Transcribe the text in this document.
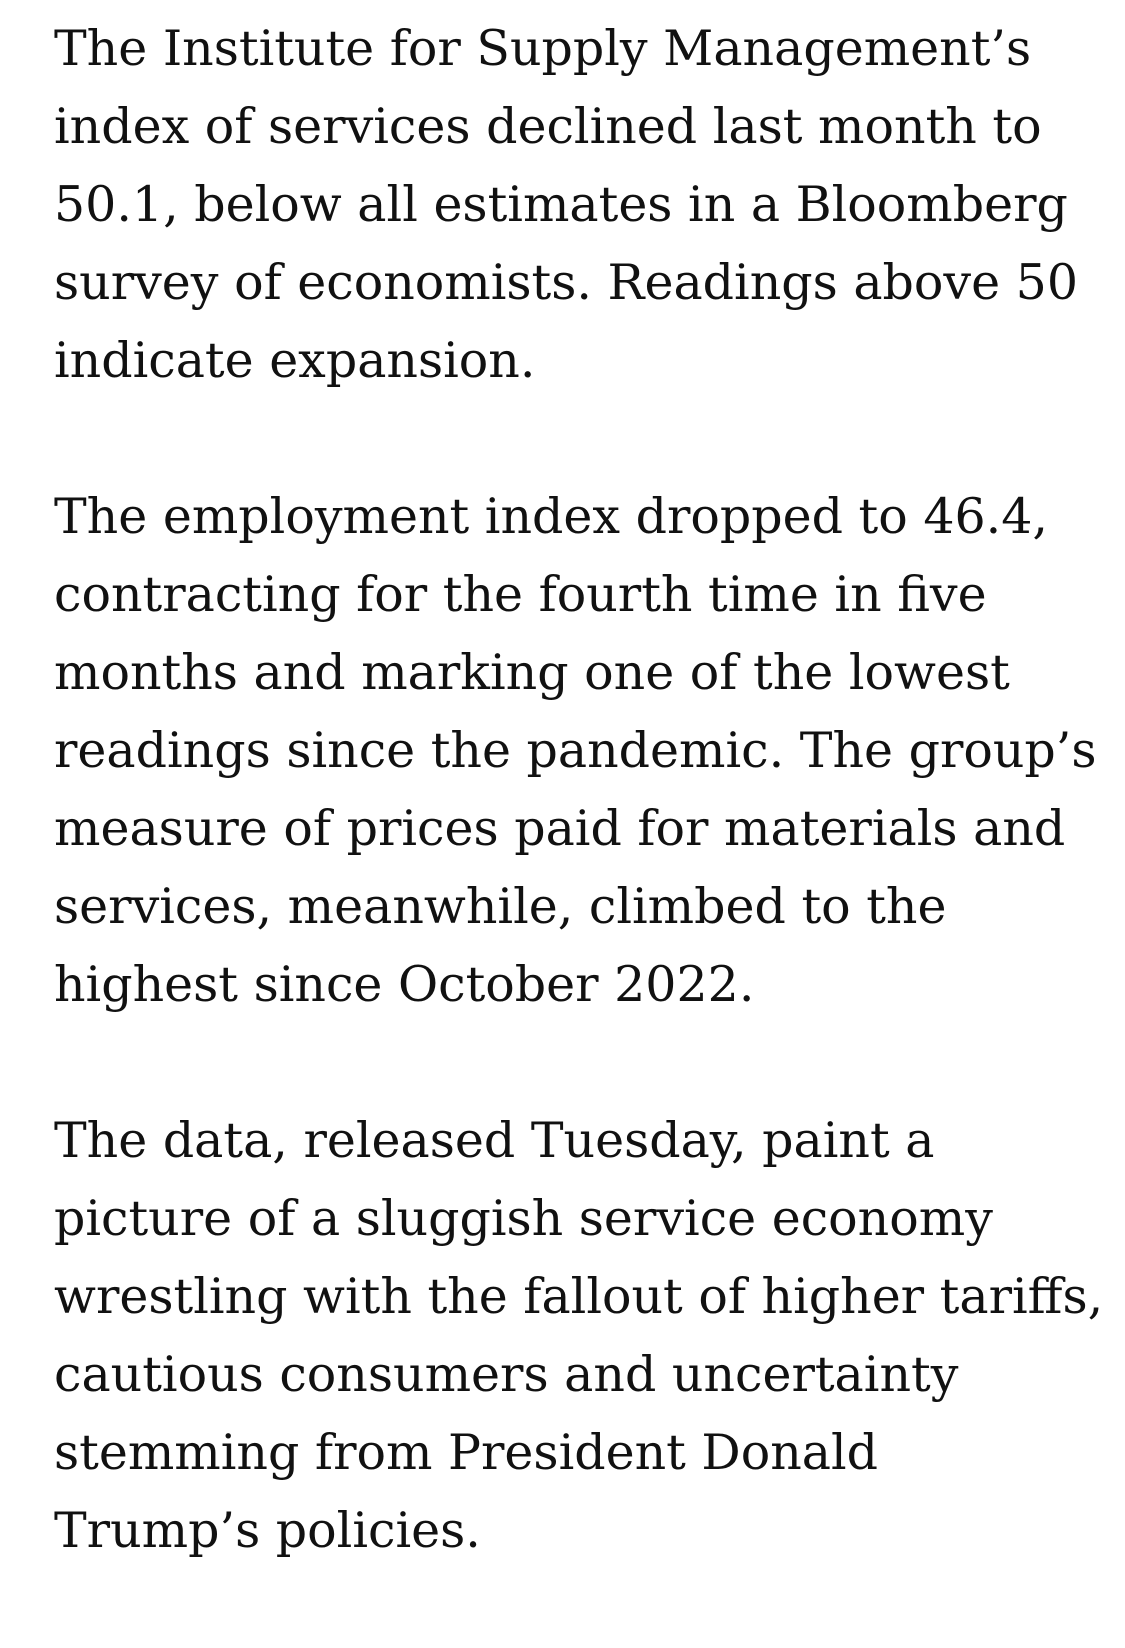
The Institute for Supply Management’s
index of services declined last month to
50.1, below all estimates in a Bloomberg
survey of economists. Readings above 50
indicate expansion.

The employment index dropped to 46.4,
contracting for the fourth time in five
months and marking one of the lowest
readings since the pandemic. The group’s
measure of prices paid for materials and
services, meanwhile, climbed to the
highest since October 2022.

The data, released Tuesday, paint a
picture of a sluggish service economy
wrestling with the fallout of higher tariffs,
cautious consumers and uncertainty
stemming from President Donald
Trump’s policies.
